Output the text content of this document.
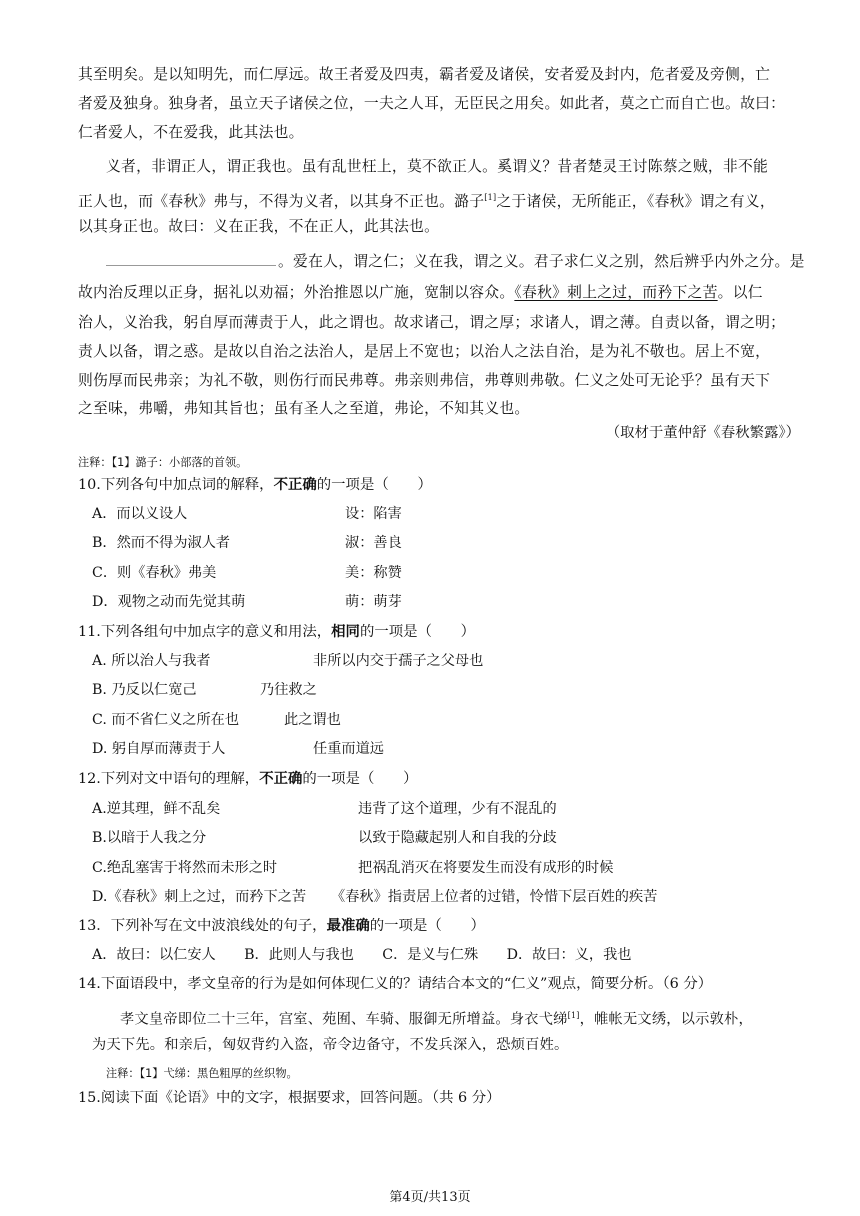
其至明矣。是以知明先，而仁厚远。故王者爱及四夷，霸者爱及诸侯，安者爱及封内，危者爱及旁侧，亡
者爱及独身。独身者，虽立天子诸侯之位，一夫之人耳，无臣民之用矣。如此者，莫之亡而自亡也。故曰：
仁者爱人，不在爱我，此其法也。
义者，非谓正人，谓正我也。虽有乱世枉上，莫不欲正人。奚谓义？昔者楚灵王讨陈蔡之贼，非不能
正人也，而《春秋》弗与，不得为义者，以其身不正也。潞子[1]之于诸侯，无所能正，《春秋》谓之有义，
以其身正也。故曰：义在正我，不在正人，此其法也。
。爱在人，谓之仁；义在我，谓之义。君子求仁义之别，然后辨乎内外之分。是
故内治反理以正身，据礼以劝福；外治推恩以广施，宽制以容众。《春秋》刺上之过，而矜下之苦。以仁
治人，义治我，躬自厚而薄责于人，此之谓也。故求诸己，谓之厚；求诸人，谓之薄。自责以备，谓之明；
责人以备，谓之惑。是故以自治之法治人，是居上不宽也；以治人之法自治，是为礼不敬也。居上不宽，
则伤厚而民弗亲；为礼不敬，则伤行而民弗尊。弗亲则弗信，弗尊则弗敬。仁义之处可无论乎？虽有天下
之至味，弗嚼，弗知其旨也；虽有圣人之至道，弗论，不知其义也。
（取材于董仲舒《春秋繁露》）
注释：【1】潞子：小部落的首领。
10.下列各句中加点词的解释，不正确的一项是（　　）
A．而以义设人	设：陷害
B．然而不得为淑人者	淑：善良
C．则《春秋》弗美	美：称赞
D．观物之动而先觉其萌	萌：萌芽
11.下列各组句中加点字的意义和用法，相同的一项是（　　）
A. 所以治人与我者	非所以内交于孺子之父母也
B. 乃反以仁宽己	乃往救之
C. 而不省仁义之所在也	此之谓也
D. 躬自厚而薄责于人	任重而道远
12.下列对文中语句的理解，不正确的一项是（　　）
A.逆其理，鲜不乱矣	违背了这个道理，少有不混乱的
B.以暗于人我之分	以致于隐藏起别人和自我的分歧
C.绝乱塞害于将然而未形之时	把祸乱消灭在将要发生而没有成形的时候
D.《春秋》刺上之过，而矜下之苦 《春秋》指责居上位者的过错，怜惜下层百姓的疾苦
13．下列补写在文中波浪线处的句子，最准确的一项是（　　）
A．故曰：以仁安人　　B．此则人与我也　　C．是义与仁殊　　D．故曰：义，我也
14.下面语段中，孝文皇帝的行为是如何体现仁义的？请结合本文的“仁义”观点，简要分析。（6 分）
孝文皇帝即位二十三年，宫室、苑囿、车骑、服御无所增益。身衣弋绨[1]，帷帐无文绣，以示敦朴，
为天下先。和亲后，匈奴背约入盗，帝令边备守，不发兵深入，恐烦百姓。
注释：【1】弋绨：黑色粗厚的丝织物。
15.阅读下面《论语》中的文字，根据要求，回答问题。（共 6 分）
第4页/共13页
